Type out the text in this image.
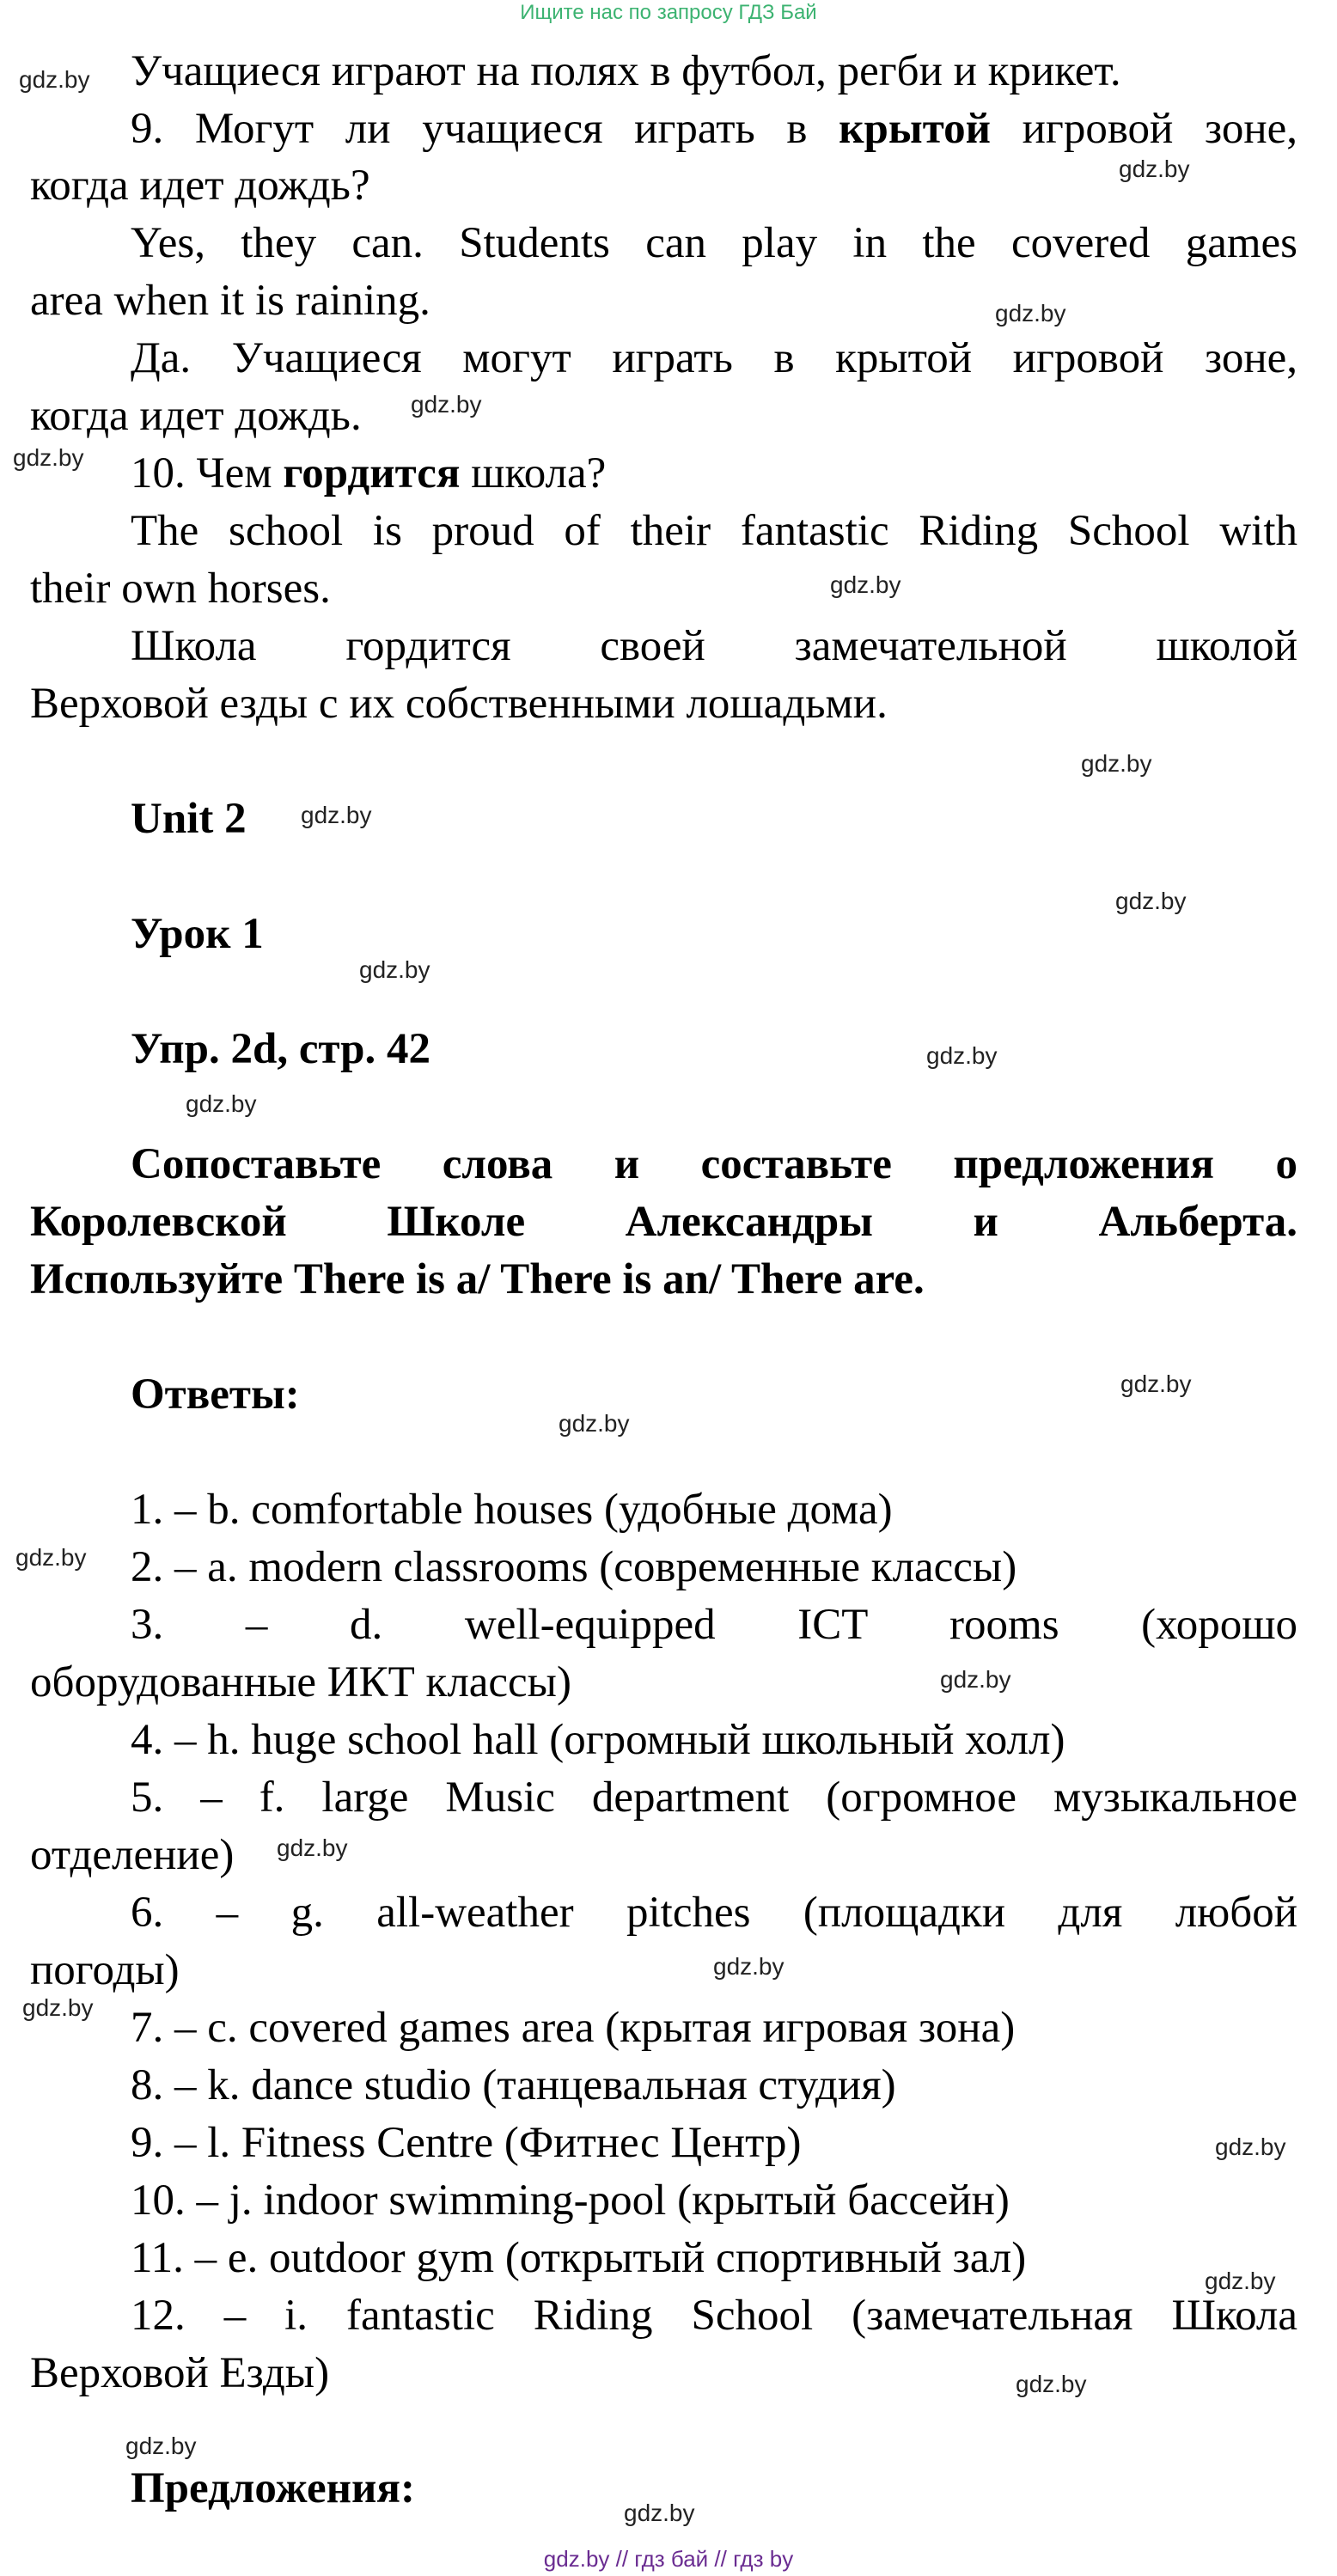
Ищите нас по запросу ГДЗ Бай
Учащиеся играют на полях в футбол, регби и крикет.
9. Могут ли учащиеся играть в крытой игровой зоне,
когда идет дождь?
Yes, they can. Students can play in the covered games
area when it is raining.
Да. Учащиеся могут играть в крытой игровой зоне,
когда идет дождь.
10. Чем гордится школа?
The school is proud of their fantastic Riding School with
their own horses.
Школа гордится своей замечательной школой
Верховой езды с их собственными лошадьми.
Unit 2
Урок 1
Упр. 2d, стр. 42
Сопоставьте слова и составьте предложения о
Королевской Школе Александры и Альберта.
Используйте There is a/ There is an/ There are.
Ответы:
1. – b. comfortable houses (удобные дома)
2. – a. modern classrooms (современные классы)
3. – d. well-equipped ICT rooms (хорошо
оборудованные ИКТ классы)
4. – h. huge school hall (огромный школьный холл)
5. – f. large Music department (огромное музыкальное
отделение)
6. – g. all-weather pitches (площадки для любой
погоды)
7. – c. covered games area (крытая игровая зона)
8. – k. dance studio (танцевальная студия)
9. – l. Fitness Centre (Фитнес Центр)
10. – j. indoor swimming-pool (крытый бассейн)
11. – e. outdoor gym (открытый спортивный зал)
12. – i. fantastic Riding School (замечательная Школа
Верховой Езды)
Предложения:
gdz.by
gdz.by
gdz.by
gdz.by
gdz.by
gdz.by
gdz.by
gdz.by
gdz.by
gdz.by
gdz.by
gdz.by
gdz.by
gdz.by
gdz.by
gdz.by
gdz.by
gdz.by
gdz.by
gdz.by
gdz.by
gdz.by
gdz.by
gdz.by
gdz.by // гдз бай // гдз by
